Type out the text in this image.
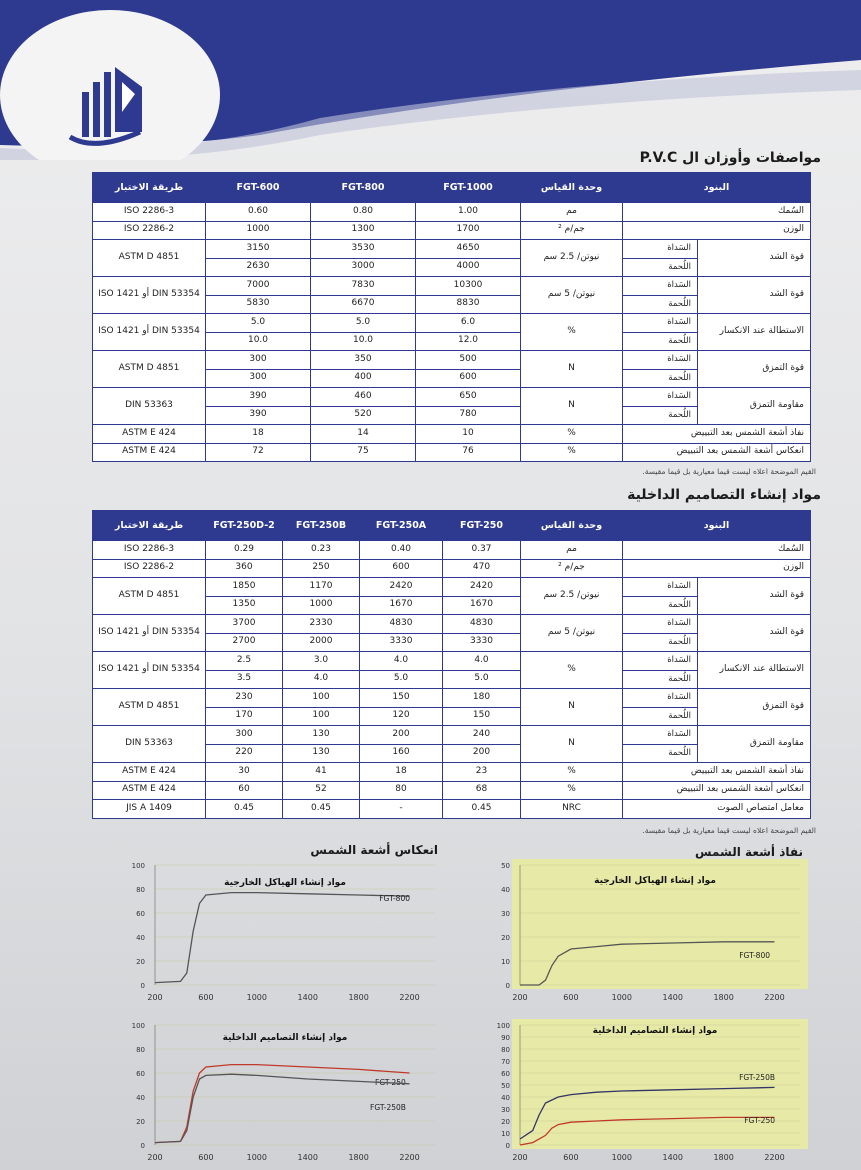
مواصفات وأوزان ال P.V.C
طريقة الاختبار	FGT-600	FGT-800	FGT-1000	وحدة القياس	البنود	
ISO 2286-3	0.60	0.80	1.00	مم	السُمك	
ISO 2286-2	1000	1300	1700	جم/م ²	الوزن	
ASTM D 4851	3150	3530	4650	نيوتن/ 2.5 سم	السَداة	قوة الشد
	2630	3000	4000		اللُحمة	
ISO 1421 أو DIN 53354	7000	7830	10300	نيوتن/ 5 سم	السَداة	قوة الشد
	5830	6670	8830		اللُحمة	
ISO 1421 أو DIN 53354	5.0	5.0	6.0	%	السَداة	الاستطالة عند الانكسار
	10.0	10.0	12.0		اللُحمة	
ASTM D 4851	300	350	500	N	السَداة	قوة التمزق
	300	400	600		اللُحمة	
DIN 53363	390	460	650	N	السَداة	مقاومة التمزق
	390	520	780		اللُحمة	
ASTM E 424	18	14	10	%	نفاذ أشعة الشمس بعد التبييض	
ASTM E 424	72	75	76	%	انعكاس أشعة الشمس بعد التبييض	
القيم الموضحة اعلاه ليست قيما معيارية بل قيما مقيسة.
مواد إنشاء التصاميم الداخلية
طريقة الاختبار	FGT-250D-2	FGT-250B	FGT-250A	FGT-250	وحدة القياس	البنود	
ISO 2286-3	0.29	0.23	0.40	0.37	مم	السُمك	
ISO 2286-2	360	250	600	470	جم/م ²	الوزن	
ASTM D 4851	1850	1170	2420	2420	نيوتن/ 2.5 سم	السَداة	قوة الشد
	1350	1000	1670	1670		اللُحمة	
ISO 1421 أو DIN 53354	3700	2330	4830	4830	نيوتن/ 5 سم	السَداة	قوة الشد
	2700	2000	3330	3330		اللُحمة	
ISO 1421 أو DIN 53354	2.5	3.0	4.0	4.0	%	السَداة	الاستطالة عند الانكسار
	3.5	4.0	5.0	5.0		اللُحمة	
ASTM D 4851	230	100	150	180	N	السَداة	قوة التمزق
	170	100	120	150		اللُحمة	
DIN 53363	300	130	200	240	N	السَداة	مقاومة التمزق
	220	130	160	200		اللُحمة	
ASTM E 424	30	41	18	23	%	نفاذ أشعة الشمس بعد التبييض	
ASTM E 424	60	52	80	68	%	انعكاس أشعة الشمس بعد التبييض	
JIS A 1409	0.45	0.45	-	0.45	NRC	معامل امتصاص الصوت	
القيم الموضحة اعلاه ليست قيما معيارية بل قيما مقيسة.
انعكاس أشعة الشمس	نفاذ أشعة الشمس
0
20
40
60
80
100
200	600	1000	1400	1800	2200
مواد إنشاء الهياكل الخارجية
FGT-800
0
20
40
60
80
100
200	600	1000	1400	1800	2200
مواد إنشاء التصاميم الداخلية
FGT-250
FGT-250B
0
10
20
30
40
50
200	600	1000	1400	1800	2200
مواد إنشاء الهياكل الخارجية
FGT-800
0
10
20
30
40
50
60
70
80
90
100
200	600	1000	1400	1800	2200
مواد إنشاء التصاميم الداخلية
FGT-250B
FGT-250
